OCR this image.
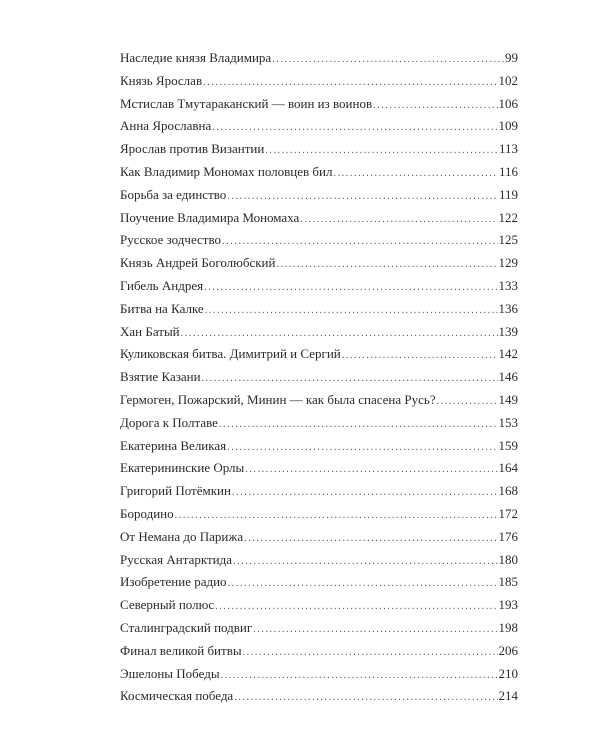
Наследие князя Владимира .....	99
Князь Ярослав .....	102
Мстислав Тмутараканский — воин из воинов .....	106
Анна Ярославна .....	109
Ярослав против Византии .....	113
Как Владимир Мономах половцев бил .....	116
Борьба за единство .....	119
Поучение Владимира Мономаха .....	122
Русское зодчество .....	125
Князь Андрей Боголюбский .....	129
Гибель Андрея .....	133
Битва на Калке .....	136
Хан Батый .....	139
Куликовская битва. Димитрий и Сергий .....	142
Взятие Казани .....	146
Гермоген, Пожарский, Минин — как была спасена Русь? .....	149
Дорога к Полтаве .....	153
Екатерина Великая .....	159
Екатерининские Орлы .....	164
Григорий Потёмкин .....	168
Бородино .....	172
От Немана до Парижа .....	176
Русская Антарктида .....	180
Изобретение радио .....	185
Северный полюс .....	193
Сталинградский подвиг .....	198
Финал великой битвы .....	206
Эшелоны Победы .....	210
Космическая победа .....	214
